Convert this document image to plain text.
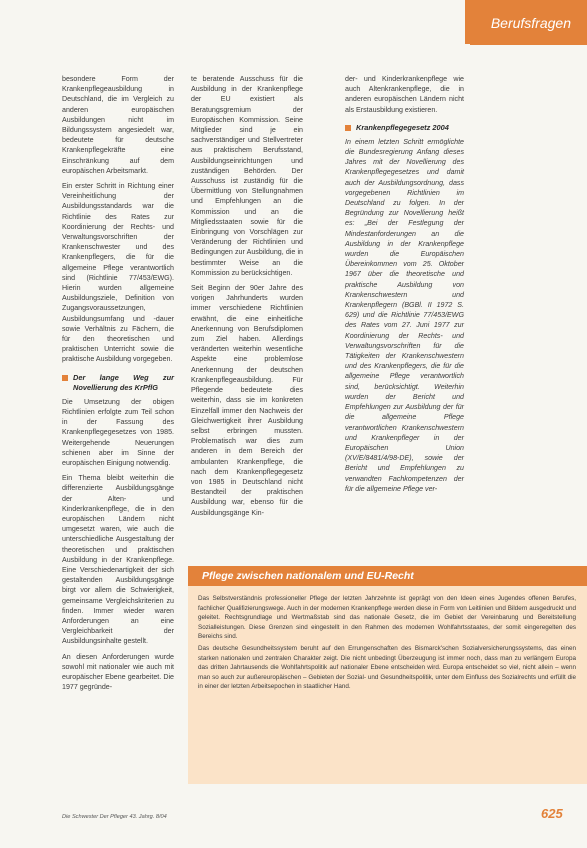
Berufsfragen

besondere Form der Krankenpflegeausbildung in Deutschland, die im Vergleich zu anderen europäischen Ausbildungen nicht im Bildungssystem angesiedelt war, bedeutete für deutsche Krankenpflegekräfte eine Einschränkung auf dem europäischen Arbeitsmarkt.

Ein erster Schritt in Richtung einer Vereinheitlichung der Ausbildungsstandards war die Richtlinie des Rates zur Koordinierung der Rechts- und Verwaltungsvorschriften der Krankenschwester und des Krankenpflegers, die für die allgemeine Pflege verantwortlich sind (Richtlinie 77/453/EWG). Hierin wurden allgemeine Ausbildungsziele, Definition von Zugangsvoraussetzungen, Ausbildungsumfang und -dauer sowie Verhältnis zu Fächern, die für den theoretischen und praktischen Unterricht sowie die praktische Ausbildung vorgegeben.

Der lange Weg zur Novellierung des KrPflG

Die Umsetzung der obigen Richtlinien erfolgte zum Teil schon in der Fassung des Krankenpflegegesetzes von 1985. Weitergehende Neuerungen schienen aber im Sinne der europäischen Einigung notwendig.

Ein Thema bleibt weiterhin die differenzierte Ausbildungsgänge der Alten- und Kinderkrankenpflege, die in den europäischen Ländern nicht umgesetzt waren, wie auch die unterschiedliche Ausgestaltung der theoretischen und praktischen Ausbildung in der Krankenpflege. Eine Verschiedenartigkeit der sich gestaltenden Ausbildungsgänge birgt vor allem die Schwierigkeit, gemeinsame Vergleichskriterien zu finden. Immer wieder waren Anforderungen an eine Vergleichbarkeit der Ausbildungsinhalte gestellt.

An diesen Anforderungen wurde sowohl mit nationaler wie auch mit europäischer Ebene gearbeitet. Die 1977 gegründe-

te beratende Ausschuss für die Ausbildung in der Krankenpflege der EU existiert als Beratungsgremium der Europäischen Kommission. Seine Mitglieder sind je ein sachverständiger und Stellvertreter aus praktischem Berufsstand, Ausbildungseinrichtungen und zuständigen Behörden. Der Ausschuss ist zuständig für die Übermittlung von Stellungnahmen und Empfehlungen an die Kommission und an die Mitgliedsstaaten sowie für die Einbringung von Vorschlägen zur Veränderung der Richtlinien und Bedingungen zur Ausbildung, die in bestimmter Weise an die Kommission zu berücksichtigen.

Seit Beginn der 90er Jahre des vorigen Jahrhunderts wurden immer verschiedene Richtlinien erwähnt, die eine einheitliche Anerkennung von Berufsdiplomen zum Ziel haben. Allerdings veränderten weiterhin wesentliche Aspekte eine problemlose Anerkennung der deutschen Krankenpflegeausbildung. Für Pflegende bedeutete dies weiterhin, dass sie im konkreten Einzelfall immer den Nachweis der Gleichwertigkeit ihrer Ausbildung selbst erbringen mussten. Problematisch war dies zum anderen in dem Bereich der ambulanten Krankenpflege, die nach dem Krankenpflegegesetz von 1985 in Deutschland nicht Bestandteil der praktischen Ausbildung war, ebenso für die Ausbildungsgänge Kin-

der- und Kinderkrankenpflege wie auch Altenkrankenpflege, die in anderen europäischen Ländern nicht als Erstausbildung existieren.

Krankenpflegegesetz 2004

In einem letzten Schritt ermöglichte die Bundesregierung Anfang dieses Jahres mit der Novellierung des Krankenpflegegesetzes und damit auch der Ausbildungsordnung, dass vorgegebenen Richtlinien im Deutschland zu folgen. In der Begründung zur Novellierung heißt es: „Bei der Festlegung der Mindestanforderungen an die Ausbildung in der Krankenpflege wurden die Europäischen Übereinkommen vom 25. Oktober 1967 über die theoretische und praktische Ausbildung von Krankenschwestern und Krankenpflegern (BGBl. II 1972 S. 629) und die Richtlinie 77/453/EWG des Rates vom 27. Juni 1977 zur Koordinierung der Rechts- und Verwaltungsvorschriften für die Tätigkeiten der Krankenschwestern und des Krankenpflegers, die für die allgemeine Pflege verantwortlich sind, berücksichtigt. Weiterhin wurden der Bericht und Empfehlungen zur Ausbildung der für die allgemeine Pflege verantwortlichen Krankenschwestern und Krankenpfleger in der Europäischen Union (XV/E/8481/4/98-DE), sowie der Bericht und Empfehlungen zu verwandten Fachkompetenzen der für die allgemeine Pflege ver-

Pflege zwischen nationalem und EU-Recht

Das Selbstverständnis professioneller Pflege der letzten Jahrzehnte ist geprägt von den Ideen eines Jugendes offenen Berufes, fachlicher Qualifizierungswege. Auch in der modernen Krankenpflege werden diese in Form von Leitlinien und Bildern ausgedruckt und geleitet. Rechtsgrundlage und Wertmaßstab sind das nationale Gesetz, die im Gebiet der Vereinbarung und Bereitstellung Sozialleistungen. Diese Grenzen sind eingestellt in den Rahmen des modernen Wohlfahrtsstaates, der somit eingeregelten des Bereichs sind.

Das deutsche Gesundheitssystem beruht auf den Errungenschaften des Bismarck'schen Sozialversicherungssystems, das einen starken nationalen und zentralen Charakter zeigt. Die nicht unbedingt Überzeugung ist immer noch, dass man zu verlängern Europa das dritten Jahrtausends die Wohlfahrtspolitik auf nationaler Ebene entscheiden wird. Europa entscheidet so viel, nicht allein – wenn man so auch zur außereuropäischen – Gebieten der Sozial- und Gesundheitspolitik, unter dem Einfluss des Sozialrechts und erfüllt die in einer der letzten Arbeitsepochen in staatlicher Hand.

Die Schwester Der Pfleger 43. Jahrg. 8/04	625
